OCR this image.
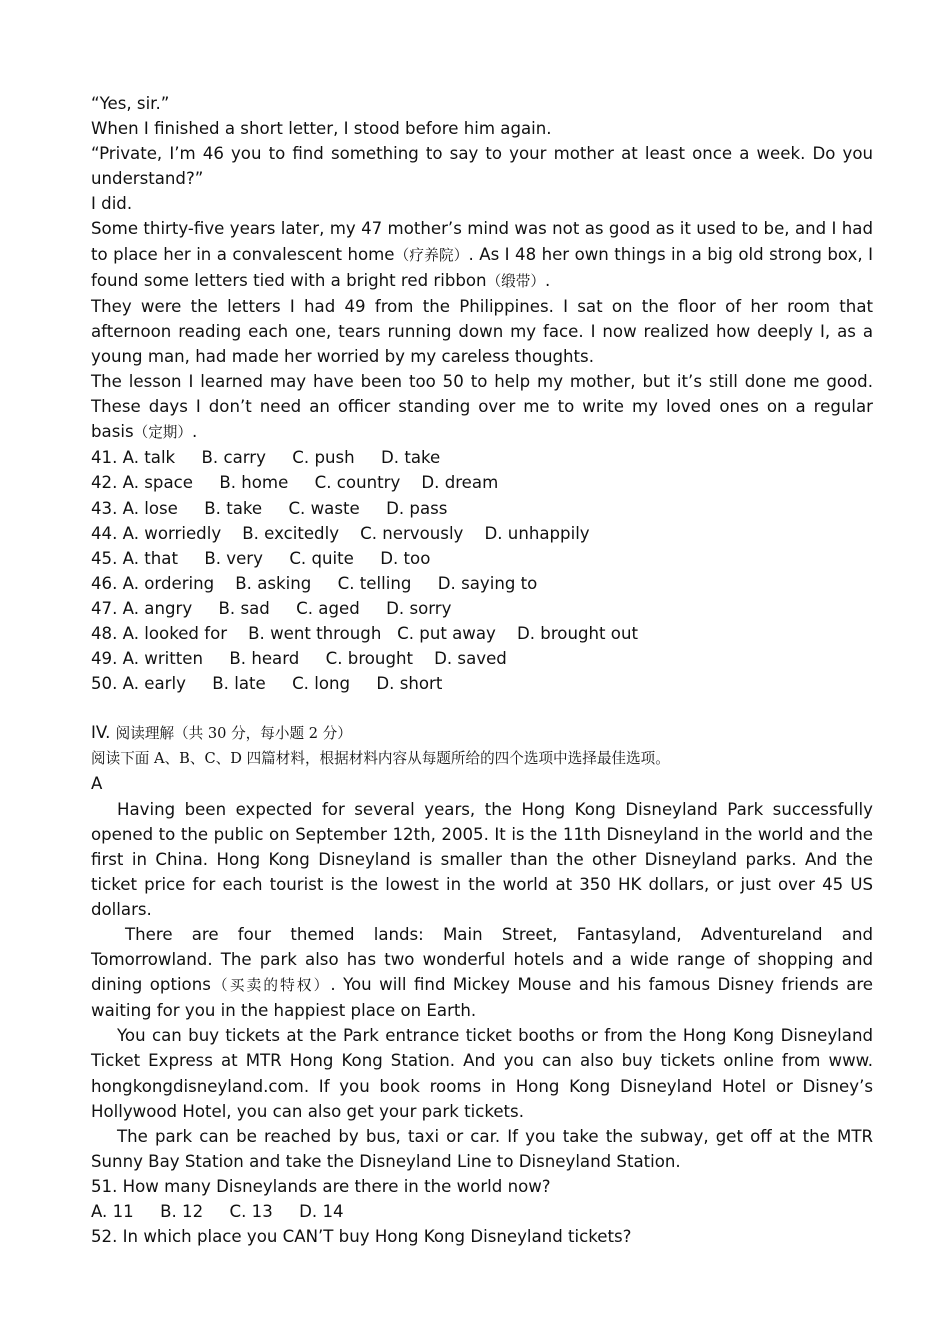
“Yes, sir.”
When I finished a short letter, I stood before him again.
“Private, I’m 46 you to find something to say to your mother at least once a week. Do you understand?”
I did.
Some thirty-five years later, my 47 mother’s mind was not as good as it used to be, and I had to place her in a convalescent home（疗养院）. As I 48 her own things in a big old strong box, I found some letters tied with a bright red ribbon（缎带）.
They were the letters I had 49 from the Philippines. I sat on the floor of her room that afternoon reading each one, tears running down my face. I now realized how deeply I, as a young man, had made her worried by my careless thoughts.
The lesson I learned may have been too 50 to help my mother, but it’s still done me good. These days I don’t need an officer standing over me to write my loved ones on a regular basis（定期）.
41. A. talk     B. carry     C. push     D. take
42. A. space     B. home     C. country    D. dream
43. A. lose     B. take     C. waste     D. pass
44. A. worriedly    B. excitedly    C. nervously    D. unhappily
45. A. that     B. very     C. quite     D. too
46. A. ordering    B. asking     C. telling     D. saying to
47. A. angry     B. sad     C. aged     D. sorry
48. A. looked for    B. went through   C. put away    D. brought out
49. A. written     B. heard     C. brought    D. saved
50. A. early     B. late     C. long     D. short
IV. 阅读理解（共 30 分，每小题 2 分）
阅读下面 A、B、C、D 四篇材料，根据材料内容从每题所给的四个选项中选择最佳选项。
A
Having been expected for several years, the Hong Kong Disneyland Park successfully opened to the public on September 12th, 2005. It is the 11th Disneyland in the world and the first in China. Hong Kong Disneyland is smaller than the other Disneyland parks. And the ticket price for each tourist is the lowest in the world at 350 HK dollars, or just over 45 US dollars.
There are four themed lands: Main Street, Fantasyland, Adventureland and Tomorrowland. The park also has two wonderful hotels and a wide range of shopping and dining options（买卖的特权）. You will find Mickey Mouse and his famous Disney friends are waiting for you in the happiest place on Earth.
You can buy tickets at the Park entrance ticket booths or from the Hong Kong Disneyland Ticket Express at MTR Hong Kong Station. And you can also buy tickets online from www. hongkongdisneyland.com. If you book rooms in Hong Kong Disneyland Hotel or Disney’s Hollywood Hotel, you can also get your park tickets.
The park can be reached by bus, taxi or car. If you take the subway, get off at the MTR Sunny Bay Station and take the Disneyland Line to Disneyland Station.
51. How many Disneylands are there in the world now?
A. 11     B. 12     C. 13     D. 14
52. In which place you CAN’T buy Hong Kong Disneyland tickets?
